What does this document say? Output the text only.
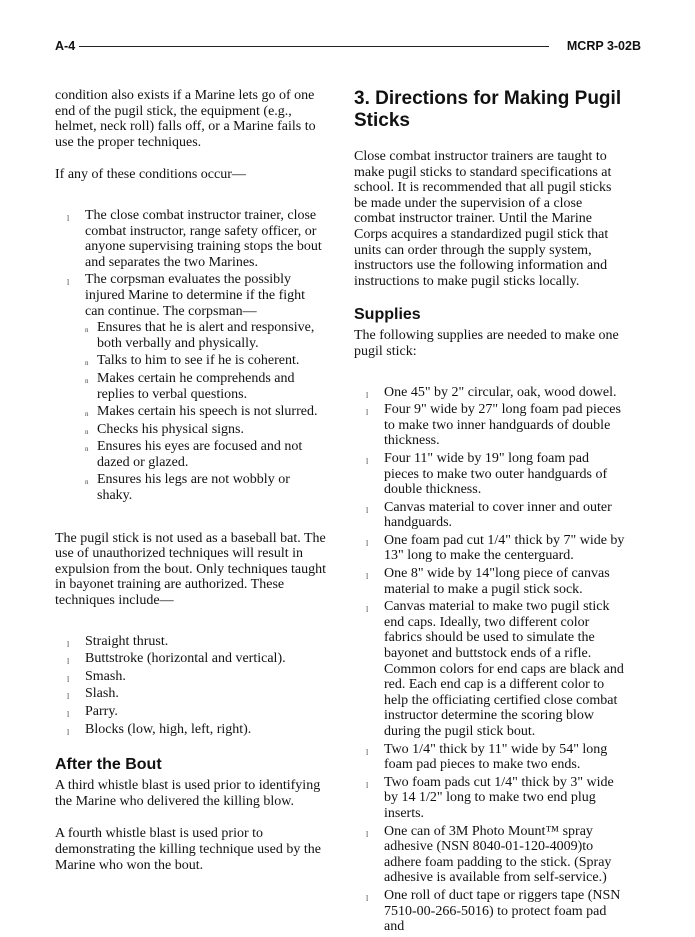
A-4	MCRP 3-02B

condition also exists if a Marine lets go of one end of the pugil stick, the equipment (e.g., helmet, neck roll) falls off, or a Marine fails to use the proper techniques.

If any of these conditions occur—

l The close combat instructor trainer, close combat instructor, range safety officer, or anyone supervising training stops the bout and separates the two Marines.
l The corpsman evaluates the possibly injured Marine to determine if the fight can continue. The corpsman—
n Ensures that he is alert and responsive, both verbally and physically.
n Talks to him to see if he is coherent.
n Makes certain he comprehends and replies to verbal questions.
n Makes certain his speech is not slurred.
n Checks his physical signs.
n Ensures his eyes are focused and not dazed or glazed.
n Ensures his legs are not wobbly or shaky.

The pugil stick is not used as a baseball bat. The use of unauthorized techniques will result in expulsion from the bout. Only techniques taught in bayonet training are authorized. These techniques include—

l Straight thrust.
l Buttstroke (horizontal and vertical).
l Smash.
l Slash.
l Parry.
l Blocks (low, high, left, right).
After the Bout

A third whistle blast is used prior to identifying the Marine who delivered the killing blow.

A fourth whistle blast is used prior to demonstrating the killing technique used by the Marine who won the bout.

3. Directions for Making Pugil Sticks

Close combat instructor trainers are taught to make pugil sticks to standard specifications at school. It is recommended that all pugil sticks be made under the supervision of a close combat instructor trainer. Until the Marine Corps acquires a standardized pugil stick that units can order through the supply system, instructors use the following information and instructions to make pugil sticks locally.

Supplies

The following supplies are needed to make one pugil stick:

l One 45" by 2" circular, oak, wood dowel.
l Four 9" wide by 27" long foam pad pieces to make two inner handguards of double thickness.
l Four 11" wide by 19" long foam pad pieces to make two outer handguards of double thickness.
l Canvas material to cover inner and outer handguards.
l One foam pad cut 1/4" thick by 7" wide by 13" long to make the centerguard.
l One 8" wide by 14"long piece of canvas material to make a pugil stick sock.
l Canvas material to make two pugil stick end caps. Ideally, two different color fabrics should be used to simulate the bayonet and buttstock ends of a rifle. Common colors for end caps are black and red. Each end cap is a different color to help the officiating certified close combat instructor determine the scoring blow during the pugil stick bout.
l Two 1/4" thick by 11" wide by 54" long foam pad pieces to make two ends.
l Two foam pads cut 1/4" thick by 3" wide by 14 1/2" long to make two end plug inserts.
l One can of 3M Photo Mount™ spray adhesive (NSN 8040-01-120-4009)to adhere foam padding to the stick. (Spray adhesive is available from self-service.)
l One roll of duct tape or riggers tape (NSN 7510-00-266-5016) to protect foam pad and
